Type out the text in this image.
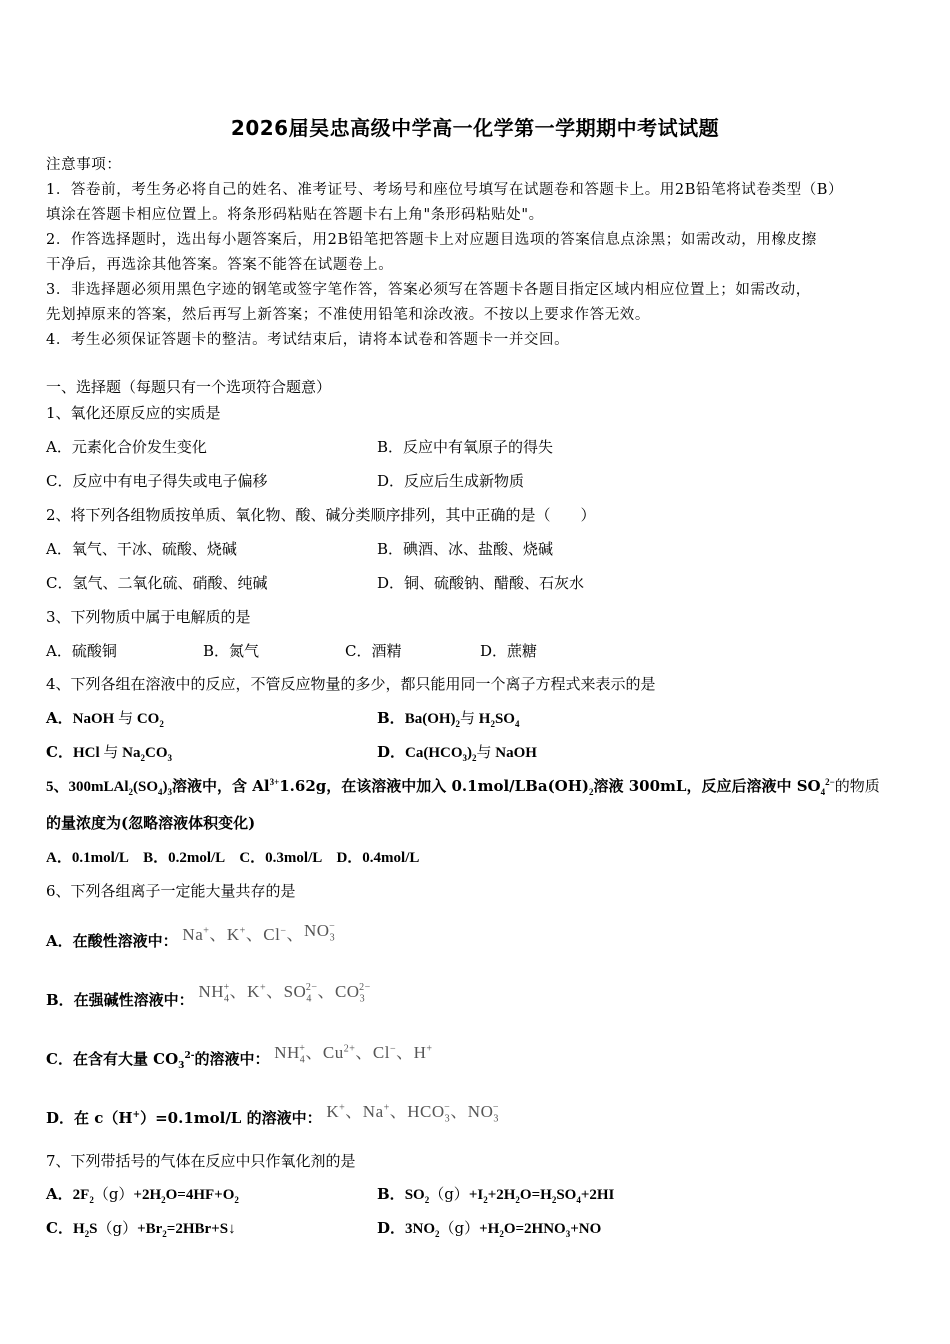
2026届吴忠高级中学高一化学第一学期期中考试试题
注意事项：
1．答卷前，考生务必将自己的姓名、准考证号、考场号和座位号填写在试题卷和答题卡上。用2B铅笔将试卷类型（B）
填涂在答题卡相应位置上。将条形码粘贴在答题卡右上角"条形码粘贴处"。
2．作答选择题时，选出每小题答案后，用2B铅笔把答题卡上对应题目选项的答案信息点涂黑；如需改动，用橡皮擦
干净后，再选涂其他答案。答案不能答在试题卷上。
3．非选择题必须用黑色字迹的钢笔或签字笔作答，答案必须写在答题卡各题目指定区域内相应位置上；如需改动，
先划掉原来的答案，然后再写上新答案；不准使用铅笔和涂改液。不按以上要求作答无效。
4．考生必须保证答题卡的整洁。考试结束后，请将本试卷和答题卡一并交回。
一、选择题（每题只有一个选项符合题意）
1、氧化还原反应的实质是
A．元素化合价发生变化	B．反应中有氧原子的得失
C．反应中有电子得失或电子偏移	D．反应后生成新物质
2、将下列各组物质按单质、氧化物、酸、碱分类顺序排列，其中正确的是（　　）
A．氧气、干冰、硫酸、烧碱	B．碘酒、冰、盐酸、烧碱
C．氢气、二氧化硫、硝酸、纯碱	D．铜、硫酸钠、醋酸、石灰水
3、下列物质中属于电解质的是
A．硫酸铜	B．氮气	C．酒精	D．蔗糖
4、下列各组在溶液中的反应，不管反应物量的多少，都只能用同一个离子方程式来表示的是
A．NaOH 与 $CO_2$	B．$Ba(OH)_2$与 $H_2SO_4$
C．HCl 与 $Na_2CO_3$	D．$Ca(HCO_3)_2$与 NaOH
5、$300mLAl_2(SO_4)_3$溶液中，含 $Al^{3+}1.62g$，在该溶液中加入 $0.1mol/LBa(OH)_2$溶液 300mL，反应后溶液中 $SO_4^{2-}$的物质
的量浓度为(忽略溶液体积变化)
A．0.1mol/L　B．0.2mol/L　C．0.3mol/L　D．0.4mol/L
6、下列各组离子一定能大量共存的是
A．在酸性溶液中： Na+、K+、Cl−、$NO_3^-$
B．在强碱性溶液中： $NH_4^+$、K+、$SO_4^{2-}$、$CO_3^{2-}$
C．在含有大量 $CO_3^{2-}$的溶液中： $NH_4^+$、$Cu^{2+}$、Cl−、H+
D．在 c（H+）=0.1mol/L 的溶液中： K+、Na+、$HCO_3^-$、$NO_3^-$
7、下列带括号的气体在反应中只作氧化剂的是
A．$2F_2(g)+2H_2O=4HF+O_2$	B．$SO_2(g)+I_2+2H_2O=H_2SO_4+2HI$
C．$H_2S(g)+Br_2=2HBr+S↓$	D．$3NO_2(g)+H_2O=2HNO_3+NO$
